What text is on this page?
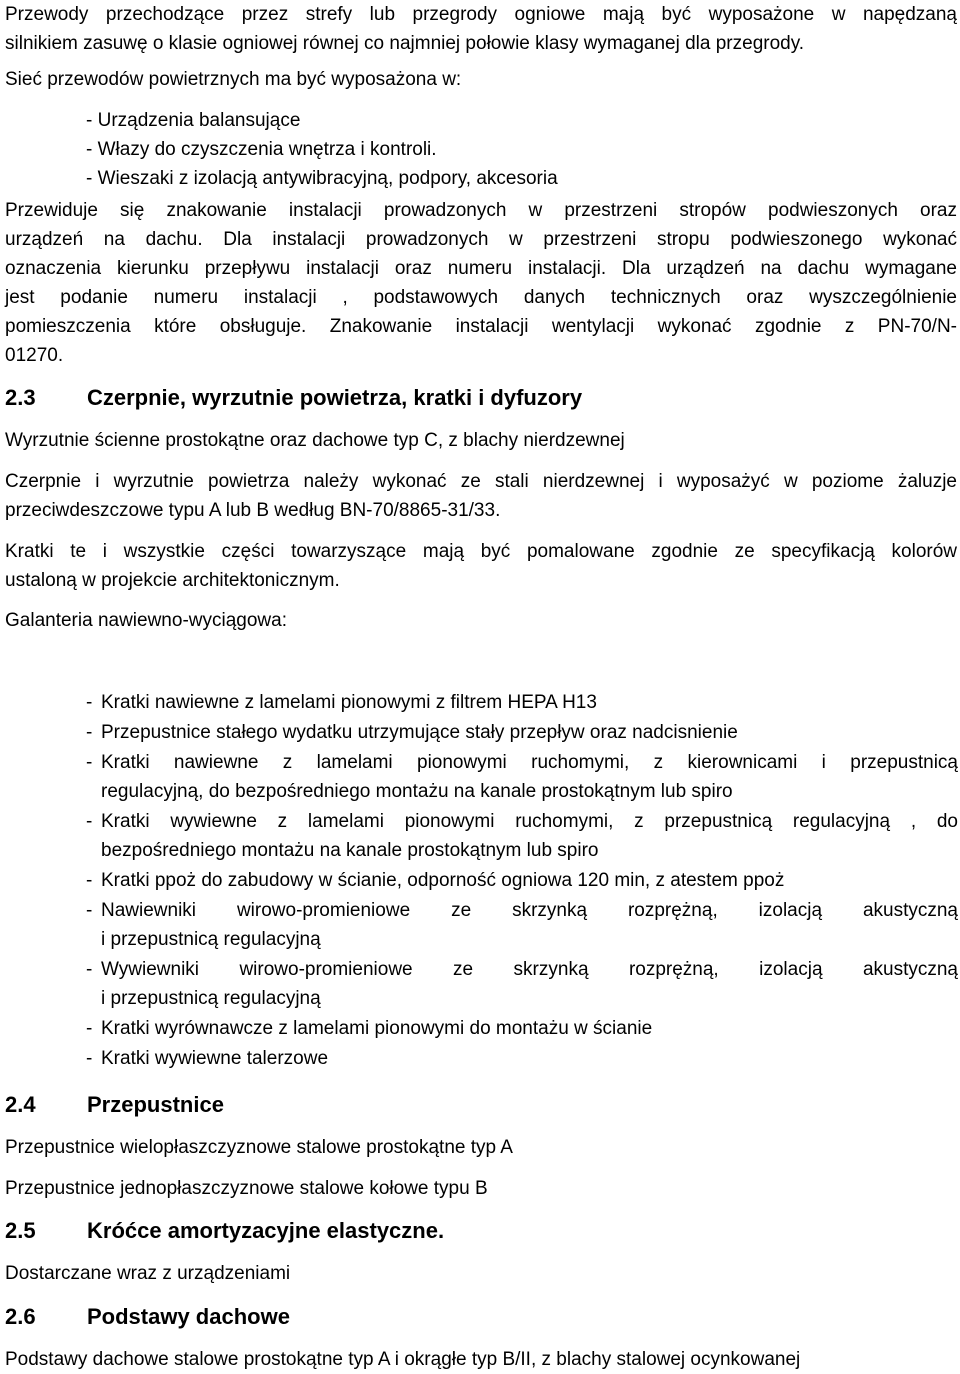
Przewody przechodzące przez strefy lub przegrody ogniowe mają być wyposażone w napędzaną
silnikiem zasuwę o klasie ogniowej równej co najmniej połowie klasy wymaganej dla przegrody.
Sieć przewodów powietrznych ma być wyposażona w:
- Urządzenia balansujące
- Włazy do czyszczenia wnętrza i kontroli.
- Wieszaki z izolacją antywibracyjną, podpory, akcesoria
Przewiduje się znakowanie instalacji prowadzonych w przestrzeni stropów podwieszonych oraz
urządzeń na dachu. Dla instalacji prowadzonych w przestrzeni stropu podwieszonego wykonać
oznaczenia kierunku przepływu instalacji oraz numeru instalacji. Dla urządzeń na dachu wymagane
jest podanie numeru instalacji , podstawowych danych technicznych oraz wyszczególnienie
pomieszczenia które obsługuje. Znakowanie instalacji wentylacji wykonać zgodnie z PN-70/N-
01270.
2.3 Czerpnie, wyrzutnie powietrza, kratki i dyfuzory
Wyrzutnie ścienne prostokątne oraz dachowe typ C, z blachy nierdzewnej
Czerpnie i wyrzutnie powietrza należy wykonać ze stali nierdzewnej i wyposażyć w poziome żaluzje
przeciwdeszczowe typu A lub B według BN-70/8865-31/33.
Kratki te i wszystkie części towarzyszące mają być pomalowane zgodnie ze specyfikacją kolorów
ustaloną w projekcie architektonicznym.
Galanteria nawiewno-wyciągowa:
- Kratki nawiewne z lamelami pionowymi z filtrem HEPA H13
- Przepustnice stałego wydatku utrzymujące stały przepływ oraz nadcisnienie
- Kratki nawiewne z lamelami pionowymi ruchomymi, z kierownicami i przepustnicą
regulacyjną, do bezpośredniego montażu na kanale prostokątnym lub spiro
- Kratki wywiewne z lamelami pionowymi ruchomymi, z przepustnicą regulacyjną , do
bezpośredniego montażu na kanale prostokątnym lub spiro
- Kratki ppoż do zabudowy w ścianie, odporność ogniowa 120 min, z atestem ppoż
- Nawiewniki wirowo-promieniowe ze skrzynką rozprężną, izolacją akustyczną
i przepustnicą regulacyjną
- Wywiewniki wirowo-promieniowe ze skrzynką rozprężną, izolacją akustyczną
i przepustnicą regulacyjną
- Kratki wyrównawcze z lamelami pionowymi do montażu w ścianie
- Kratki wywiewne talerzowe
2.4 Przepustnice
Przepustnice wielopłaszczyznowe stalowe prostokątne typ A
Przepustnice jednopłaszczyznowe stalowe kołowe typu B
2.5 Króćce amortyzacyjne elastyczne.
Dostarczane wraz z urządzeniami
2.6 Podstawy dachowe
Podstawy dachowe stalowe prostokątne typ A i okrągłe typ B/II, z blachy stalowej ocynkowanej
